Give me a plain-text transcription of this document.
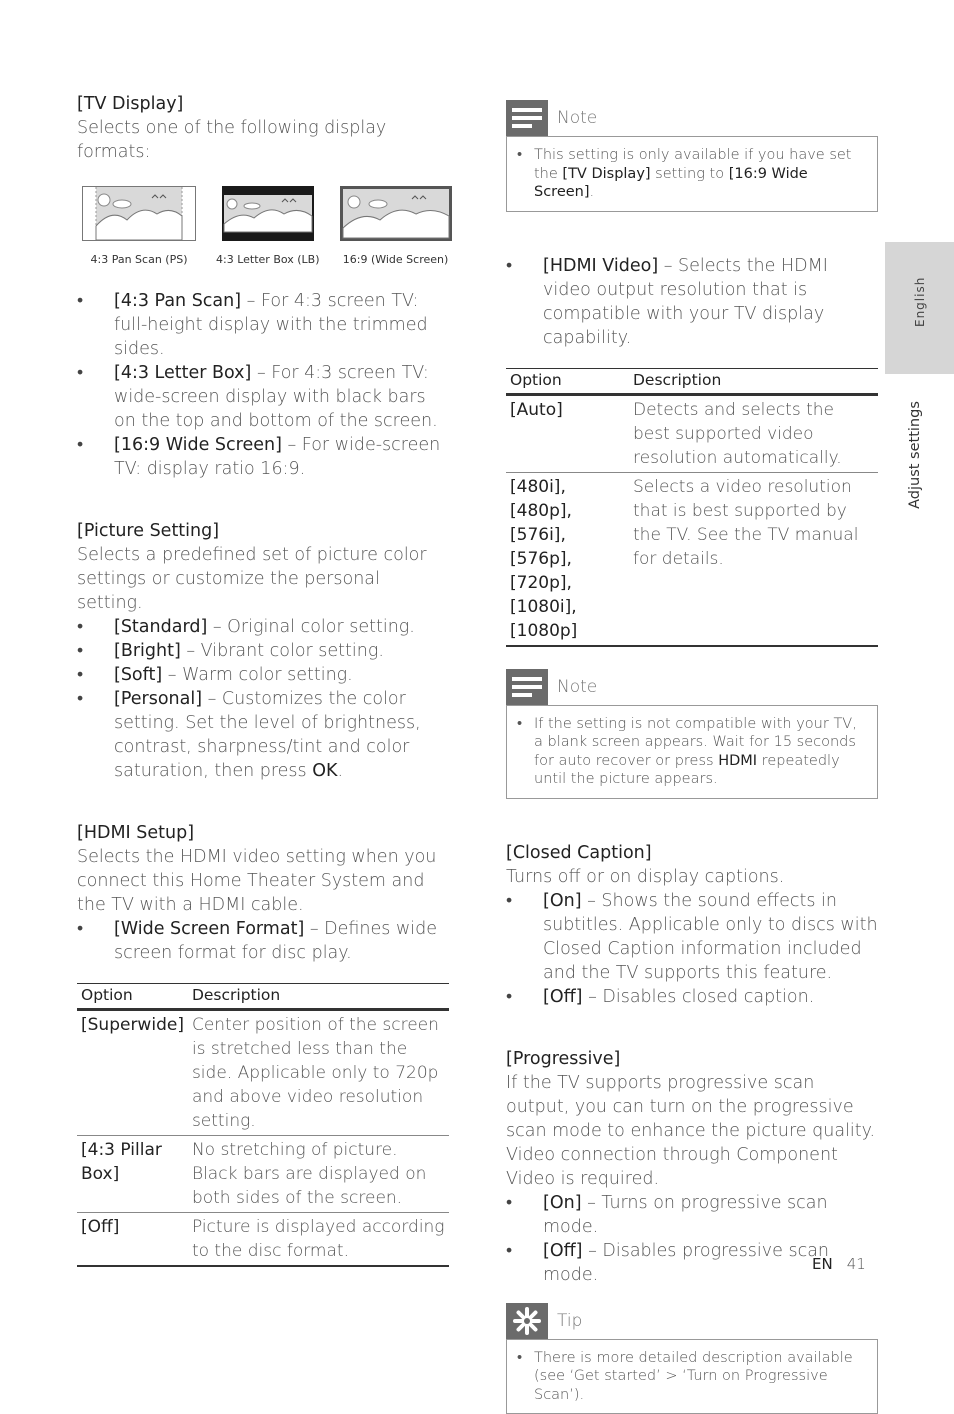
[TV Display]

Selects one of the following display formats:

4:3 Pan Scan (PS)	4:3 Letter Box (LB) 16:9 (Wide Screen)
• [4:3 Pan Scan] – For 4:3 screen TV: full-height display with the trimmed sides.
• [4:3 Letter Box] – For 4:3 screen TV: wide-screen display with black bars on the top and bottom of the screen.
• [16:9 Wide Screen] – For wide-screen TV: display ratio 16:9.
[Picture Setting]

Selects a predefined set of picture color settings or customize the personal setting.

• [Standard] – Original color setting.
• [Bright] – Vibrant color setting.
• [Soft] – Warm color setting.
• [Personal] – Customizes the color setting. Set the level of brightness, contrast, sharpness/tint and color saturation, then press OK.
[HDMI Setup]

Selects the HDMI video setting when you connect this Home Theater System and the TV with a HDMI cable.

• [Wide Screen Format] – Defines wide screen format for disc play.
Option	Description
[Superwide]	Center position of the screen is stretched less than the side. Applicable only to 720p and above video resolution setting.
[4:3 Pillar Box]	No stretching of picture. Black bars are displayed on both sides of the screen.
[Off]	Picture is displayed according to the disc format.
Note
• This setting is only available if you have set the [TV Display] setting to [16:9 Wide Screen].
• [HDMI Video] – Selects the HDMI video output resolution that is compatible with your TV display capability.
Option	Description
[Auto]	Detects and selects the best supported video resolution automatically.
[480i], [480p], [576i], [576p], [720p], [1080i], [1080p]	Selects a video resolution that is best supported by the TV. See the TV manual for details.
Note
• If the setting is not compatible with your TV, a blank screen appears. Wait for 15 seconds for auto recover or press HDMI repeatedly until the picture appears.
[Closed Caption]

Turns off or on display captions.

• [On] – Shows the sound effects in subtitles. Applicable only to discs with Closed Caption information included and the TV supports this feature.
• [Off] – Disables closed caption.
[Progressive]

If the TV supports progressive scan output, you can turn on the progressive scan mode to enhance the picture quality. Video connection through Component Video is required.

• [On] – Turns on progressive scan mode.
• [Off] – Disables progressive scan mode.
Tip
• There is more detailed description available (see ‘Get started’ > ‘Turn on Progressive Scan’).
English
Adjust settings
EN 41
